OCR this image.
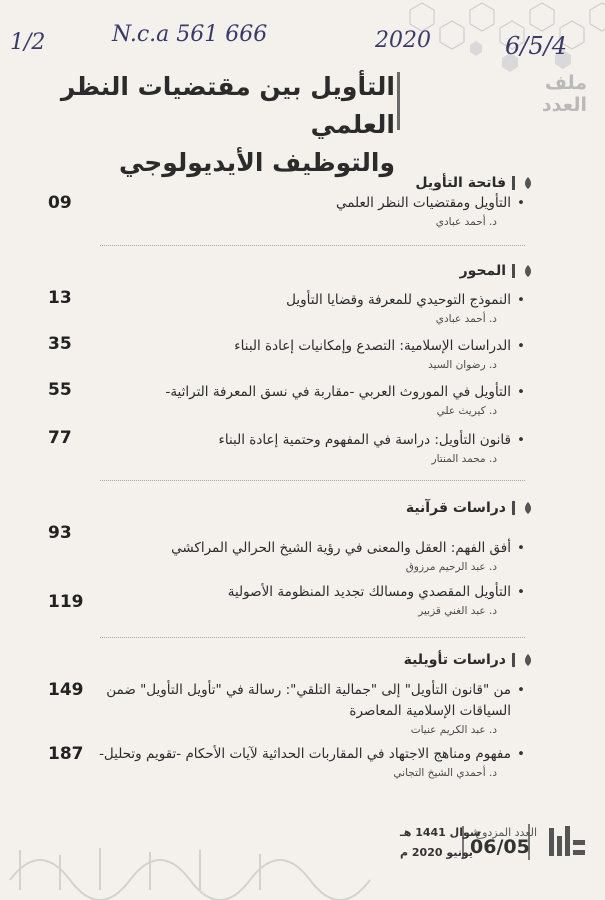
1/2	N.c.a 561 666	2020	6/5/4
ملف العدد
التأويل بين مقتضيات النظر العلمي
والتوظيف الأيديولوجي
فاتحة التأويل
• التأويل ومقتضيات النظر العلمي
د. أحمد عبادي
09
المحور
• النموذج التوحيدي للمعرفة وقضايا التأويل
د. أحمد عبادي
13
• الدراسات الإسلامية: التصدع وإمكانيات إعادة البناء
د. رضوان السيد
35
• التأويل في الموروث العربي -مقاربة في نسق المعرفة التراثية-
د. كيريث علي
55
• قانون التأويل: دراسة في المفهوم وحتمية إعادة البناء
د. محمد المنتار
77
دراسات قرآنية
• أفق الفهم: العقل والمعنى في رؤية الشيخ الحرالي المراكشي
د. عبد الرحيم مرزوق
93
• التأويل المقصدي ومسالك تجديد المنظومة الأصولية
د. عبد الغني قزبير
119
دراسات تأويلية
• من "قانون التأويل" إلى "جمالية التلقي": رسالة في "تأويل التأويل" ضمن السياقات الإسلامية المعاصرة
د. عبد الكريم عنيات
149
• مفهوم ومناهج الاجتهاد في المقاربات الحداثية لآيات الأحكام -تقويم وتحليل-
د. أحمدي الشيخ التجاني
187
العدد المزدوج
06/05
شوال 1441 هـ
يونيو 2020 م
